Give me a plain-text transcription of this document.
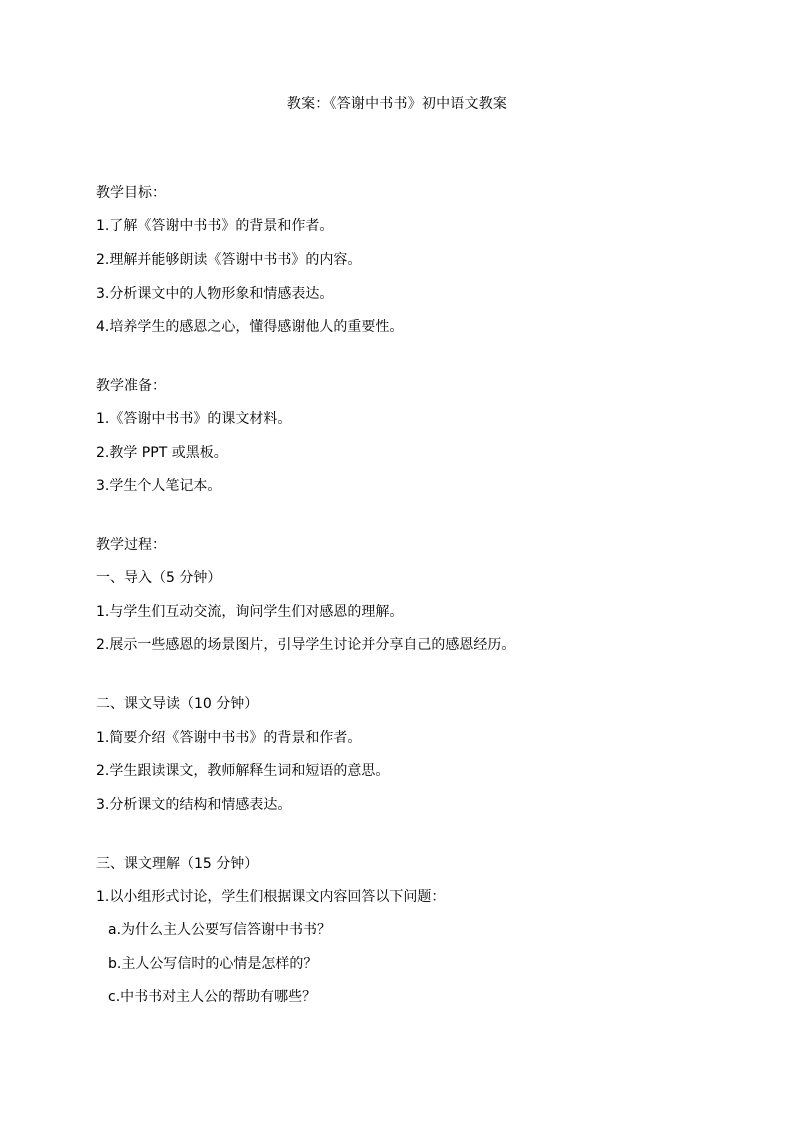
教案：《答谢中书书》初中语文教案
教学目标：
1.了解《答谢中书书》的背景和作者。
2.理解并能够朗读《答谢中书书》的内容。
3.分析课文中的人物形象和情感表达。
4.培养学生的感恩之心，懂得感谢他人的重要性。
教学准备：
1.《答谢中书书》的课文材料。
2.教学 PPT 或黑板。
3.学生个人笔记本。
教学过程：
一、导入（5 分钟）
1.与学生们互动交流，询问学生们对感恩的理解。
2.展示一些感恩的场景图片，引导学生讨论并分享自己的感恩经历。
二、课文导读（10 分钟）
1.简要介绍《答谢中书书》的背景和作者。
2.学生跟读课文，教师解释生词和短语的意思。
3.分析课文的结构和情感表达。
三、课文理解（15 分钟）
1.以小组形式讨论，学生们根据课文内容回答以下问题：
a.为什么主人公要写信答谢中书书？
b.主人公写信时的心情是怎样的？
c.中书书对主人公的帮助有哪些？
